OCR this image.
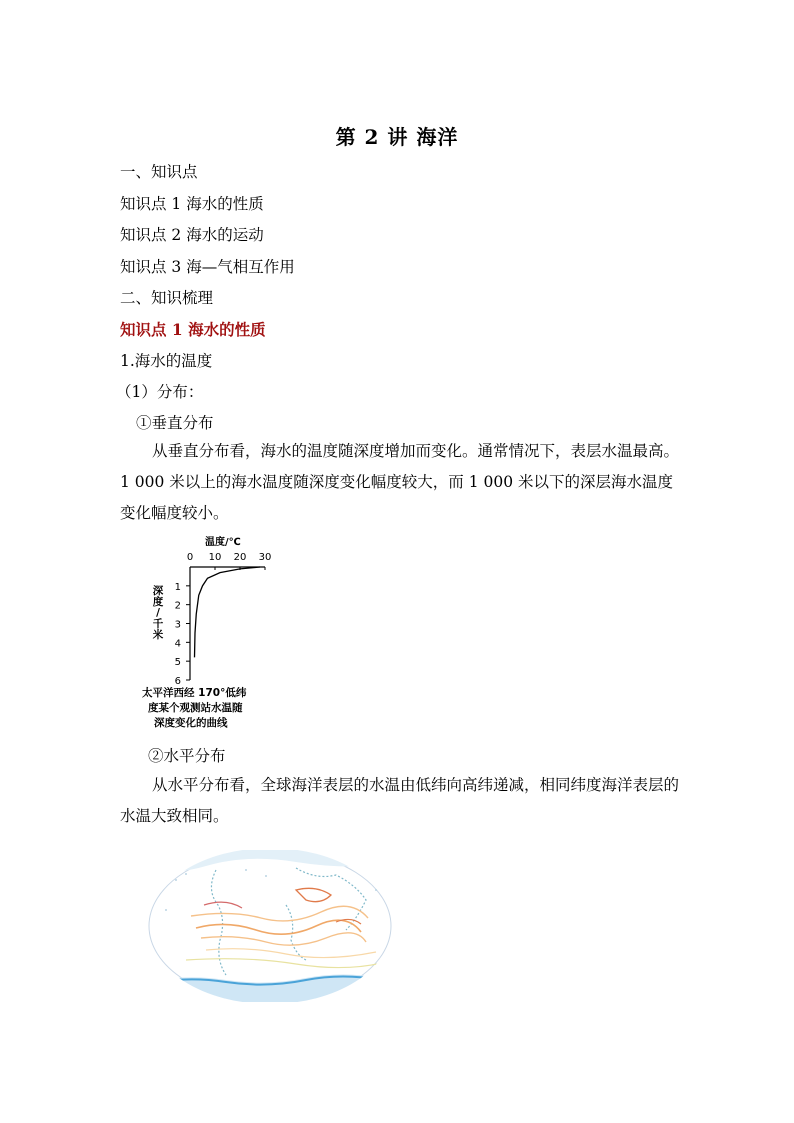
第 2 讲 海洋
一、知识点
知识点 1 海水的性质
知识点 2 海水的运动
知识点 3 海—气相互作用
二、知识梳理
知识点 1 海水的性质
1.海水的温度
（1）分布：
①垂直分布
从垂直分布看，海水的温度随深度增加而变化。通常情况下，表层水温最高。1 000 米以上的海水温度随深度变化幅度较大，而 1 000 米以下的深层海水温度变化幅度较小。
温度/℃
0 10 20 30
1
2
3
4
5
6
深
度
/
千
米
太平洋西经 170°低纬
度某个观测站水温随
深度变化的曲线
②水平分布
从水平分布看，全球海洋表层的水温由低纬向高纬递减，相同纬度海洋表层的水温大致相同。
